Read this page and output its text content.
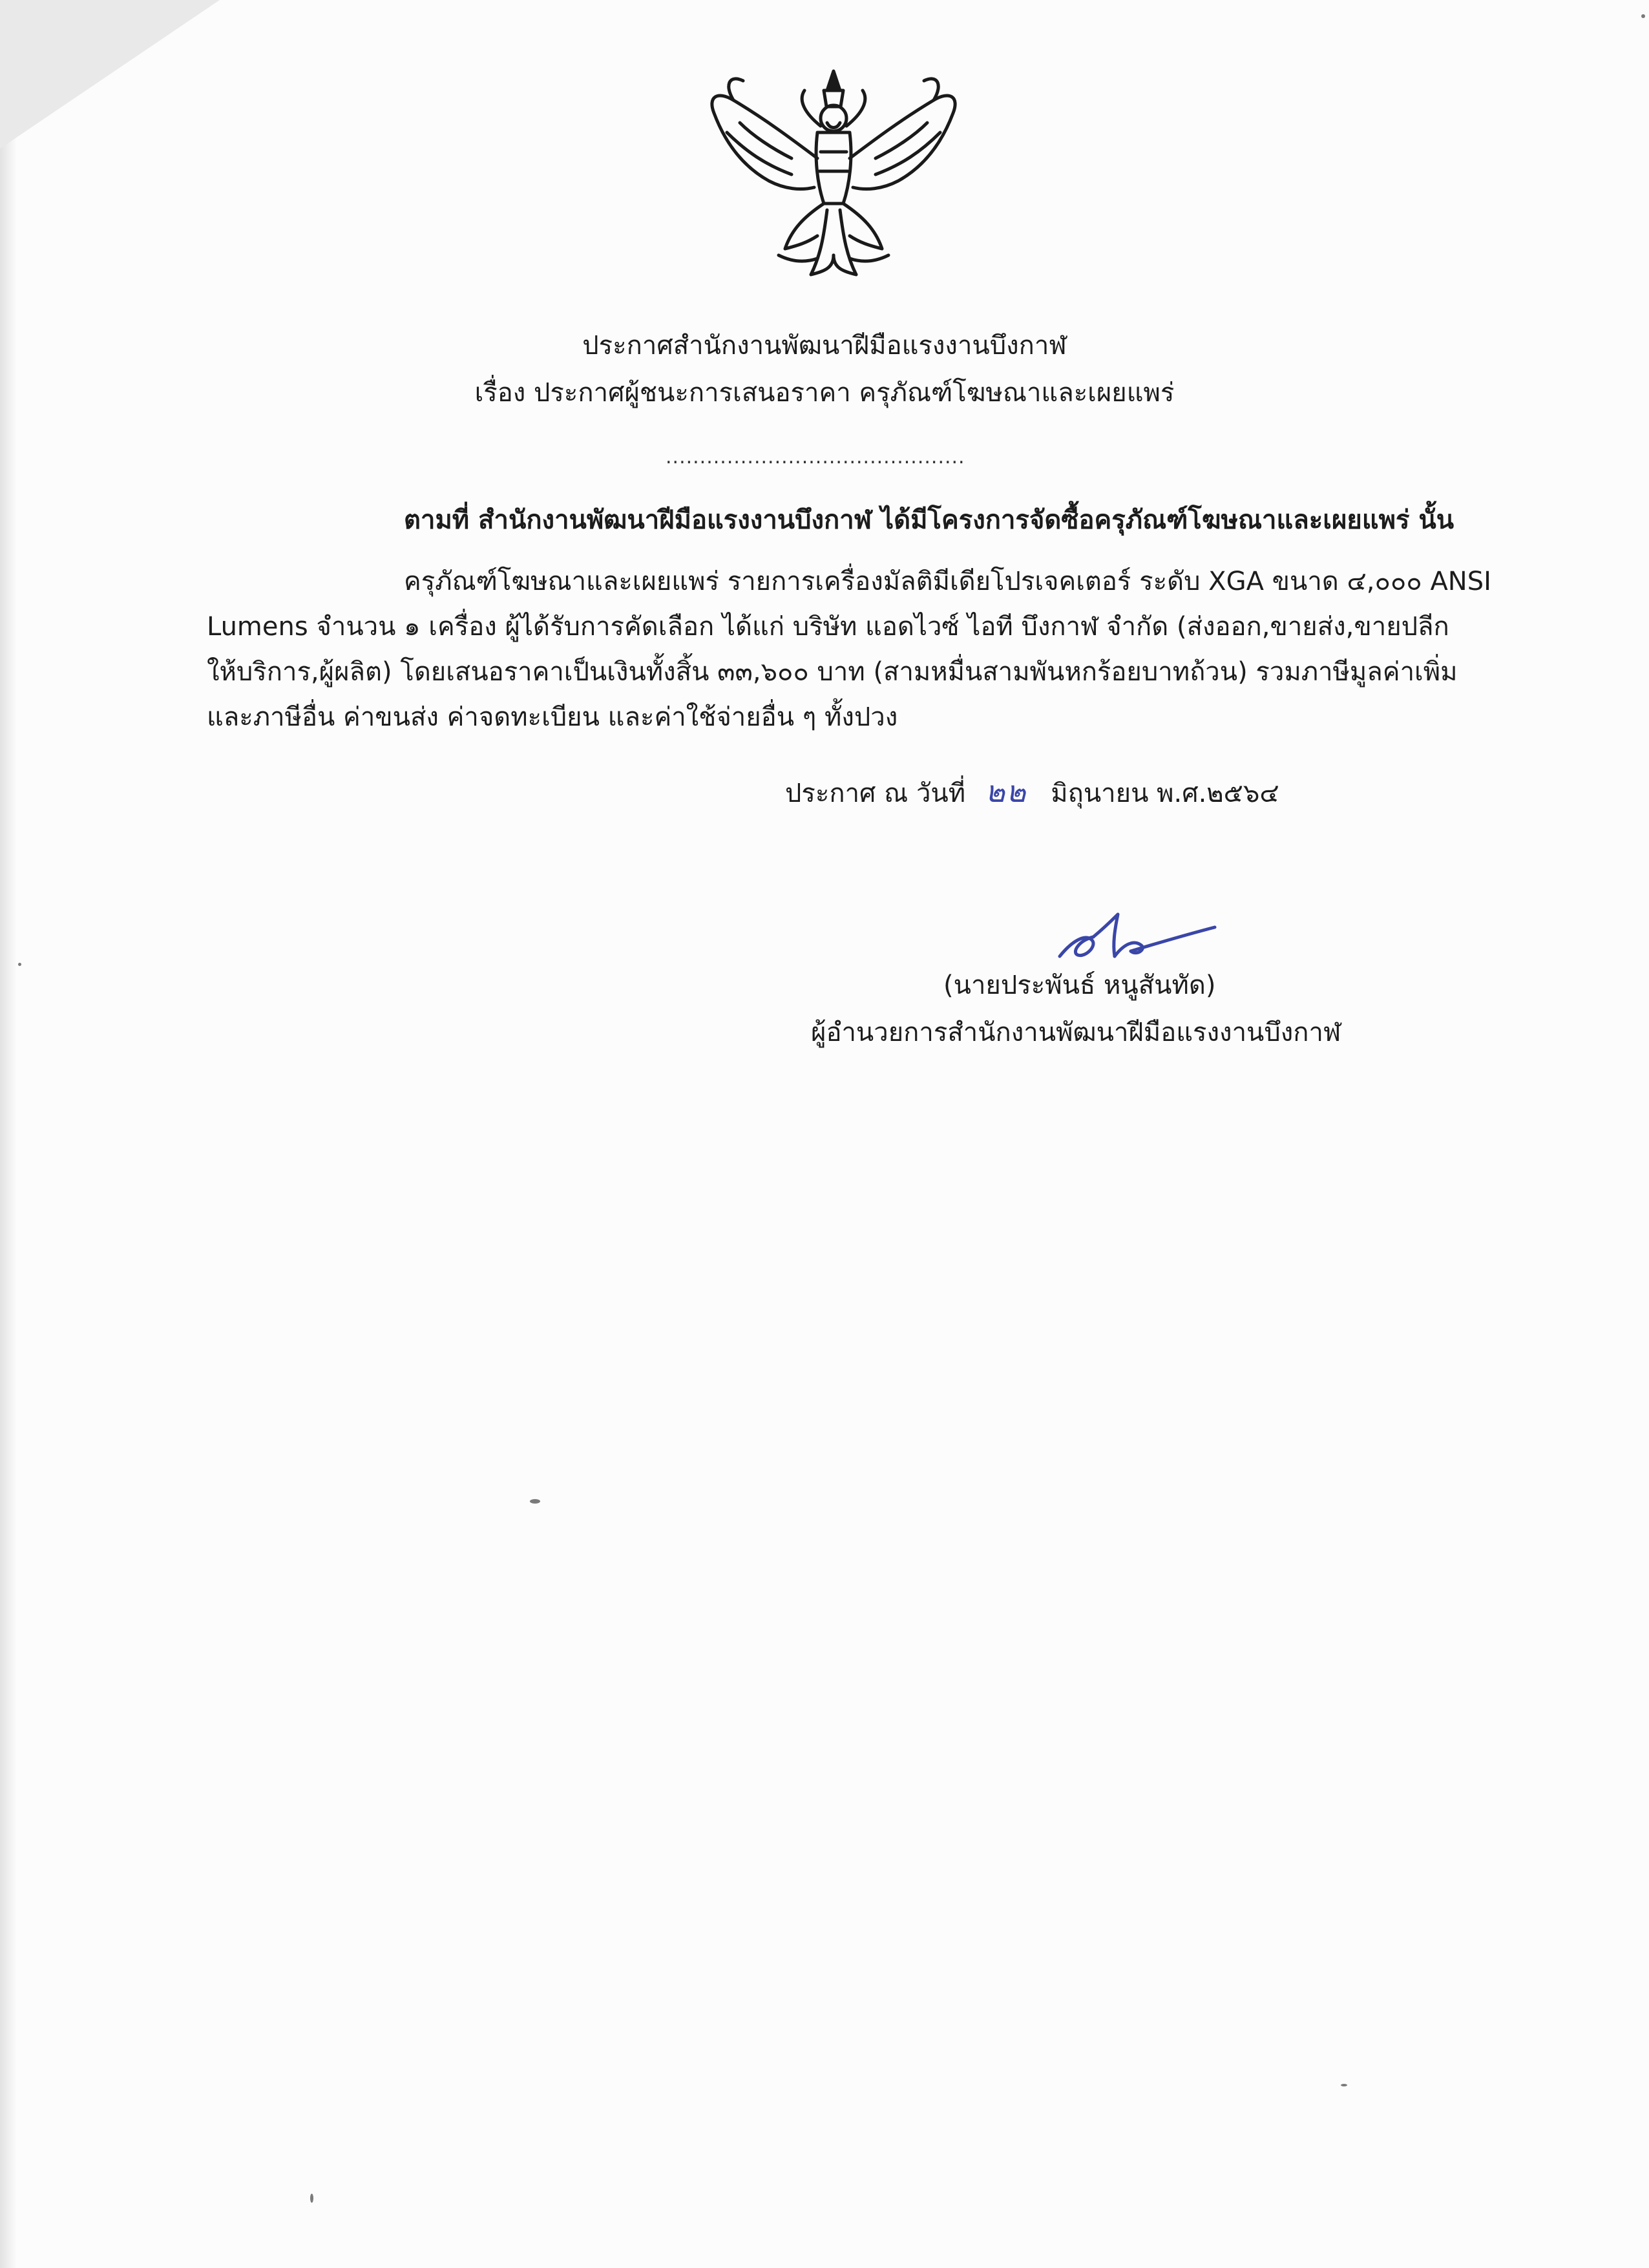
ประกาศสำนักงานพัฒนาฝีมือแรงงานบึงกาฬ
เรื่อง ประกาศผู้ชนะการเสนอราคา ครุภัณฑ์โฆษณาและเผยแพร่
............................................
ตามที่ สำนักงานพัฒนาฝีมือแรงงานบึงกาฬ ได้มีโครงการจัดซื้อครุภัณฑ์โฆษณาและเผยแพร่ นั้น
ครุภัณฑ์โฆษณาและเผยแพร่ รายการเครื่องมัลติมีเดียโปรเจคเตอร์ ระดับ XGA ขนาด ๔,๐๐๐ ANSI
Lumens จำนวน ๑ เครื่อง ผู้ได้รับการคัดเลือก ได้แก่ บริษัท แอดไวซ์ ไอที บึงกาฬ จำกัด (ส่งออก,ขายส่ง,ขายปลีก
ให้บริการ,ผู้ผลิต) โดยเสนอราคาเป็นเงินทั้งสิ้น ๓๓,๖๐๐ บาท (สามหมื่นสามพันหกร้อยบาทถ้วน) รวมภาษีมูลค่าเพิ่ม
และภาษีอื่น ค่าขนส่ง ค่าจดทะเบียน และค่าใช้จ่ายอื่น ๆ ทั้งปวง
ประกาศ ณ วันที่ ๒๒ มิถุนายน พ.ศ.๒๕๖๔
(นายประพันธ์ หนูสันทัด)
ผู้อำนวยการสำนักงานพัฒนาฝีมือแรงงานบึงกาฬ
